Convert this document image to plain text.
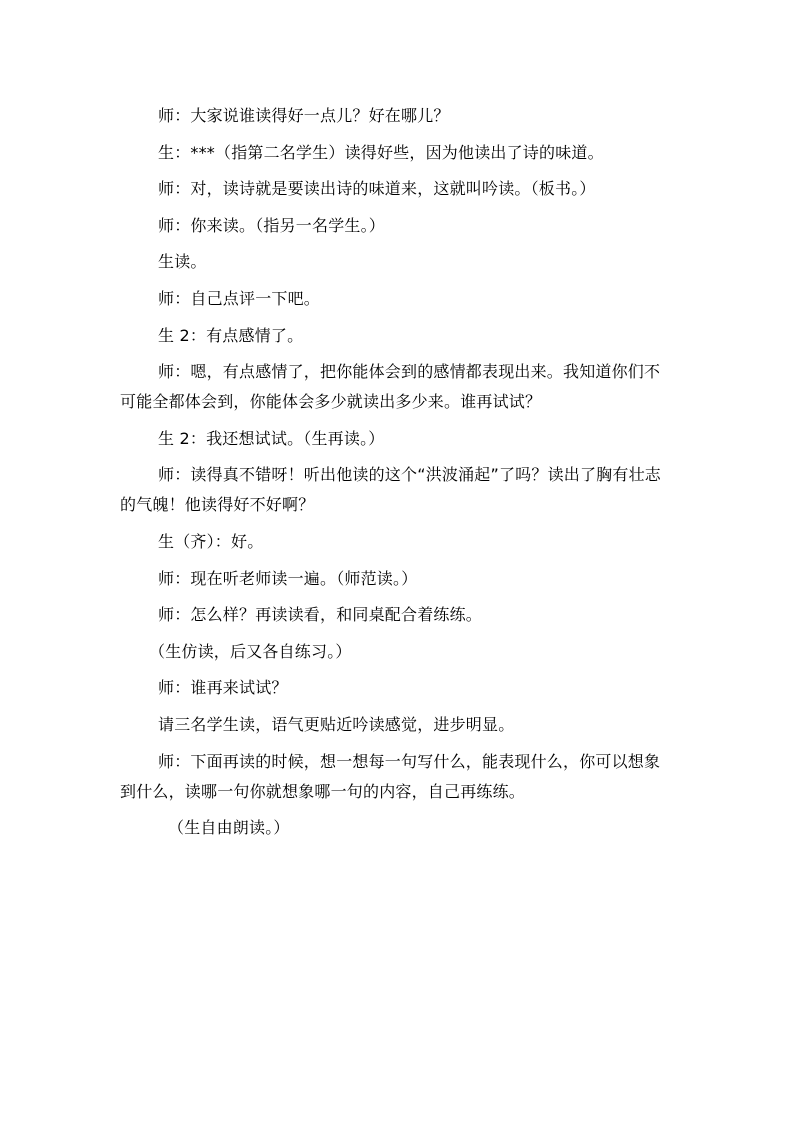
师：大家说谁读得好一点儿？好在哪儿？

生：***（指第二名学生）读得好些，因为他读出了诗的味道。

师：对，读诗就是要读出诗的味道来，这就叫吟读。（板书。）

师：你来读。（指另一名学生。）

生读。

师：自己点评一下吧。

生 2：有点感情了。

师：嗯，有点感情了，把你能体会到的感情都表现出来。我知道你们不可能全都体会到，你能体会多少就读出多少来。谁再试试？

生 2：我还想试试。（生再读。）

师：读得真不错呀！听出他读的这个“洪波涌起”了吗？读出了胸有壮志的气魄！他读得好不好啊？

生（齐）：好。

师：现在听老师读一遍。（师范读。）

师：怎么样？再读读看，和同桌配合着练练。

（生仿读，后又各自练习。）

师：谁再来试试？

请三名学生读，语气更贴近吟读感觉，进步明显。

师：下面再读的时候，想一想每一句写什么，能表现什么，你可以想象到什么，读哪一句你就想象哪一句的内容，自己再练练。

（生自由朗读。）
